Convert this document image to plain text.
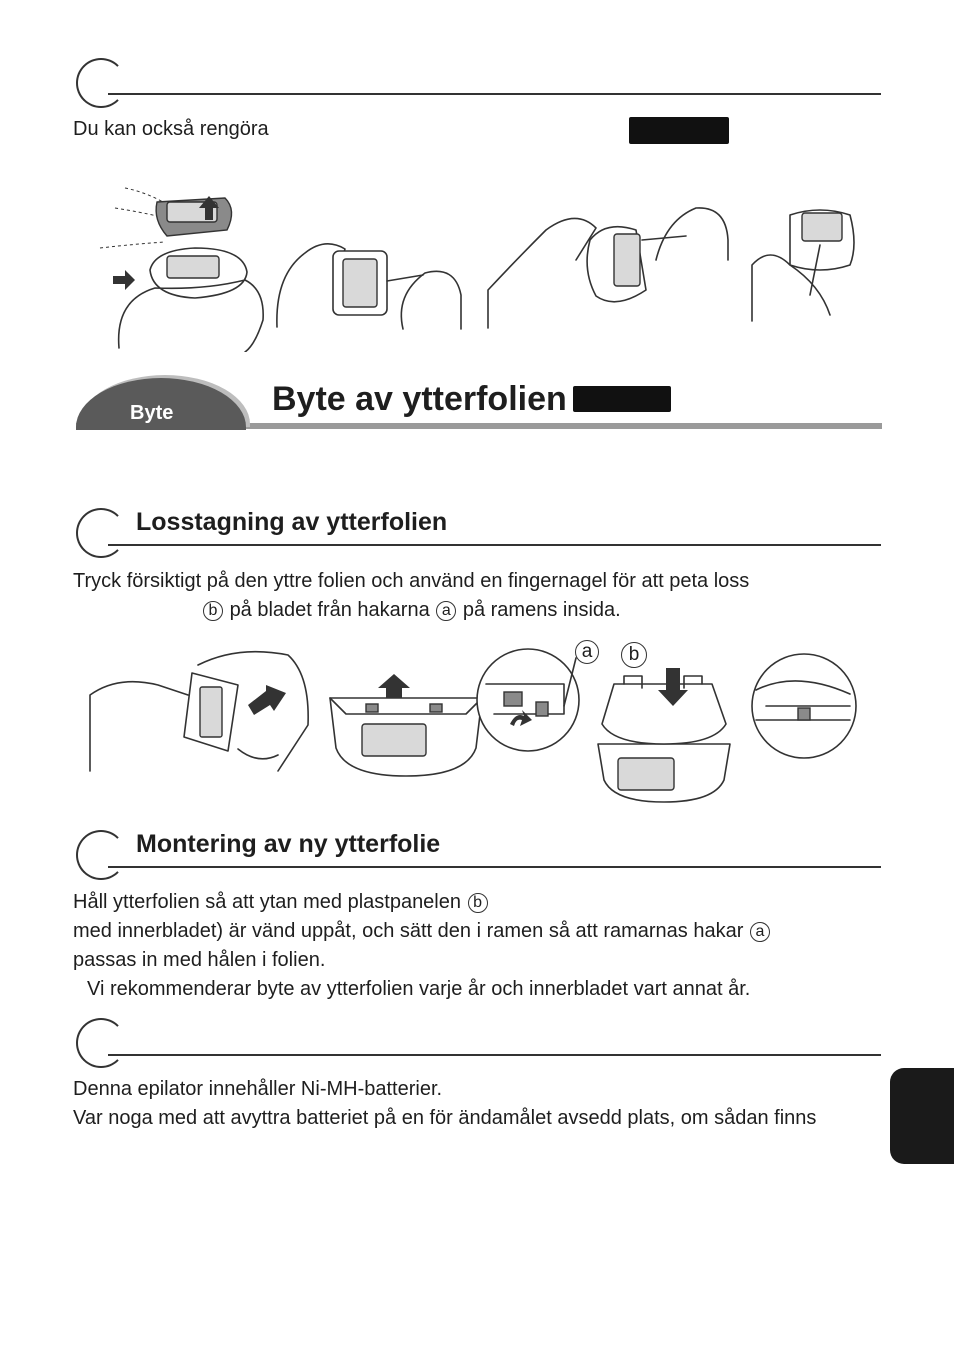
Du kan också rengöra
Byte	Byte av ytterfolien
Losstagning av ytterfolien
Tryck försiktigt på den yttre folien och använd en fingernagel för att peta loss
b på bladet från hakarna a på ramens insida.
a	b
Montering av ny ytterfolie
Håll ytterfolien så att ytan med plastpanelen b
med innerbladet) är vänd uppåt, och sätt den i ramen så att ramarnas hakar a
passas in med hålen i folien.
Vi rekommenderar byte av ytterfolien varje år och innerbladet vart annat år.
Denna epilator innehåller Ni-MH-batterier.
Var noga med att avyttra batteriet på en för ändamålet avsedd plats, om sådan finns
